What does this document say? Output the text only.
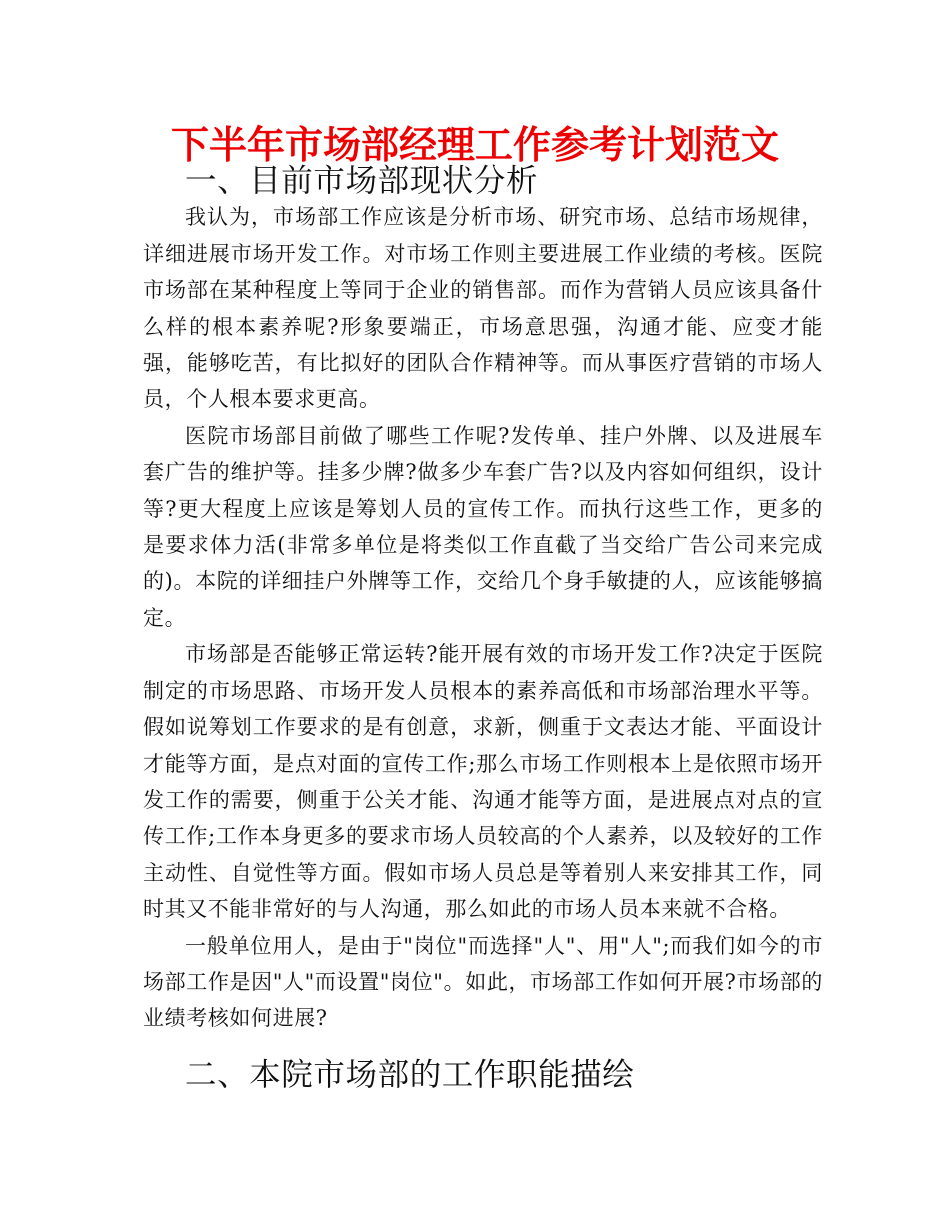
下半年市场部经理工作参考计划范文
一、目前市场部现状分析

我认为，市场部工作应该是分析市场、研究市场、总结市场规律，详细进展市场开发工作。对市场工作则主要进展工作业绩的考核。医院市场部在某种程度上等同于企业的销售部。而作为营销人员应该具备什么样的根本素养呢?形象要端正，市场意思强，沟通才能、应变才能强，能够吃苦，有比拟好的团队合作精神等。而从事医疗营销的市场人员，个人根本要求更高。

医院市场部目前做了哪些工作呢?发传单、挂户外牌、以及进展车套广告的维护等。挂多少牌?做多少车套广告?以及内容如何组织，设计等?更大程度上应该是筹划人员的宣传工作。而执行这些工作，更多的是要求体力活(非常多单位是将类似工作直截了当交给广告公司来完成的)。本院的详细挂户外牌等工作，交给几个身手敏捷的人，应该能够搞定。

市场部是否能够正常运转?能开展有效的市场开发工作?决定于医院制定的市场思路、市场开发人员根本的素养高低和市场部治理水平等。假如说筹划工作要求的是有创意，求新，侧重于文表达才能、平面设计才能等方面，是点对面的宣传工作;那么市场工作则根本上是依照市场开发工作的需要，侧重于公关才能、沟通才能等方面，是进展点对点的宣传工作;工作本身更多的要求市场人员较高的个人素养，以及较好的工作主动性、自觉性等方面。假如市场人员总是等着别人来安排其工作，同时其又不能非常好的与人沟通，那么如此的市场人员本来就不合格。

一般单位用人，是由于"岗位"而选择"人"、用"人";而我们如今的市场部工作是因"人"而设置"岗位"。如此，市场部工作如何开展?市场部的业绩考核如何进展?

二、本院市场部的工作职能描绘
